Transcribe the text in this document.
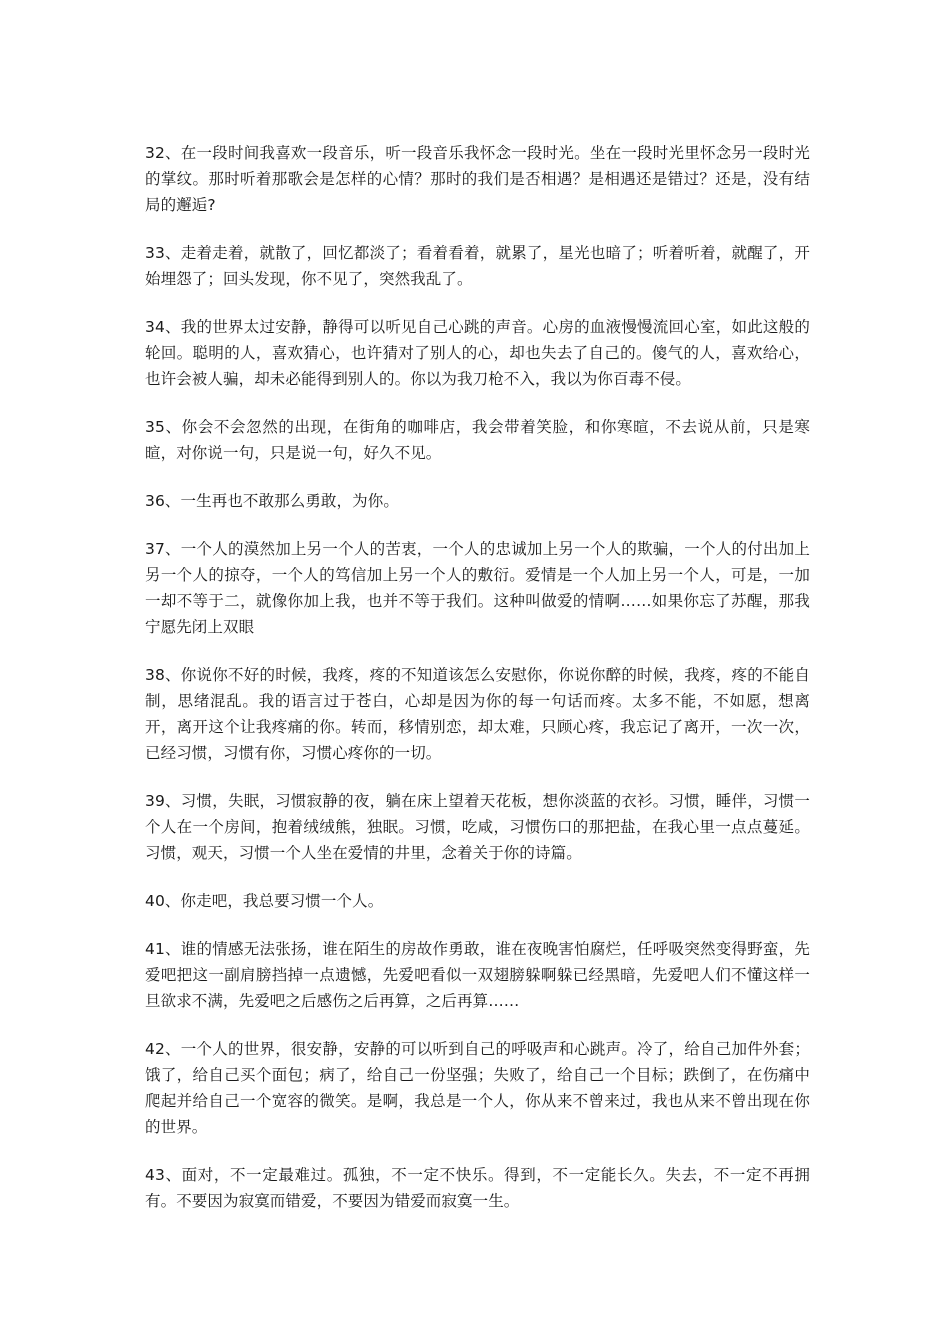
32、在一段时间我喜欢一段音乐，听一段音乐我怀念一段时光。坐在一段时光里怀念另一段时光的掌纹。那时听着那歌会是怎样的心情？那时的我们是否相遇？是相遇还是错过？还是，没有结局的邂逅?

33、走着走着，就散了，回忆都淡了；看着看着，就累了，星光也暗了；听着听着，就醒了，开始埋怨了；回头发现，你不见了，突然我乱了。

34、我的世界太过安静，静得可以听见自己心跳的声音。心房的血液慢慢流回心室，如此这般的轮回。聪明的人，喜欢猜心，也许猜对了别人的心，却也失去了自己的。傻气的人，喜欢给心，也许会被人骗，却未必能得到别人的。你以为我刀枪不入，我以为你百毒不侵。

35、你会不会忽然的出现，在街角的咖啡店，我会带着笑脸，和你寒暄，不去说从前，只是寒暄，对你说一句，只是说一句，好久不见。

36、一生再也不敢那么勇敢，为你。

37、一个人的漠然加上另一个人的苦衷，一个人的忠诚加上另一个人的欺骗，一个人的付出加上另一个人的掠夺，一个人的笃信加上另一个人的敷衍。爱情是一个人加上另一个人，可是，一加一却不等于二，就像你加上我，也并不等于我们。这种叫做爱的情啊……如果你忘了苏醒，那我宁愿先闭上双眼

38、你说你不好的时候，我疼，疼的不知道该怎么安慰你，你说你醉的时候，我疼，疼的不能自制，思绪混乱。我的语言过于苍白，心却是因为你的每一句话而疼。太多不能，不如愿，想离开，离开这个让我疼痛的你。转而，移情别恋，却太难，只顾心疼，我忘记了离开，一次一次，已经习惯，习惯有你，习惯心疼你的一切。

39、习惯，失眠，习惯寂静的夜，躺在床上望着天花板，想你淡蓝的衣衫。习惯，睡伴，习惯一个人在一个房间，抱着绒绒熊，独眠。习惯，吃咸，习惯伤口的那把盐，在我心里一点点蔓延。习惯，观天，习惯一个人坐在爱情的井里，念着关于你的诗篇。

40、你走吧，我总要习惯一个人。

41、谁的情感无法张扬，谁在陌生的房故作勇敢，谁在夜晚害怕腐烂，任呼吸突然变得野蛮，先爱吧把这一副肩膀挡掉一点遗憾，先爱吧看似一双翅膀躲啊躲已经黑暗，先爱吧人们不懂这样一旦欲求不满，先爱吧之后感伤之后再算，之后再算……

42、一个人的世界，很安静，安静的可以听到自己的呼吸声和心跳声。冷了，给自己加件外套；饿了，给自己买个面包；病了，给自己一份坚强；失败了，给自己一个目标；跌倒了，在伤痛中爬起并给自己一个宽容的微笑。是啊，我总是一个人，你从来不曾来过，我也从来不曾出现在你的世界。

43、面对，不一定最难过。孤独，不一定不快乐。得到，不一定能长久。失去，不一定不再拥有。不要因为寂寞而错爱，不要因为错爱而寂寞一生。
